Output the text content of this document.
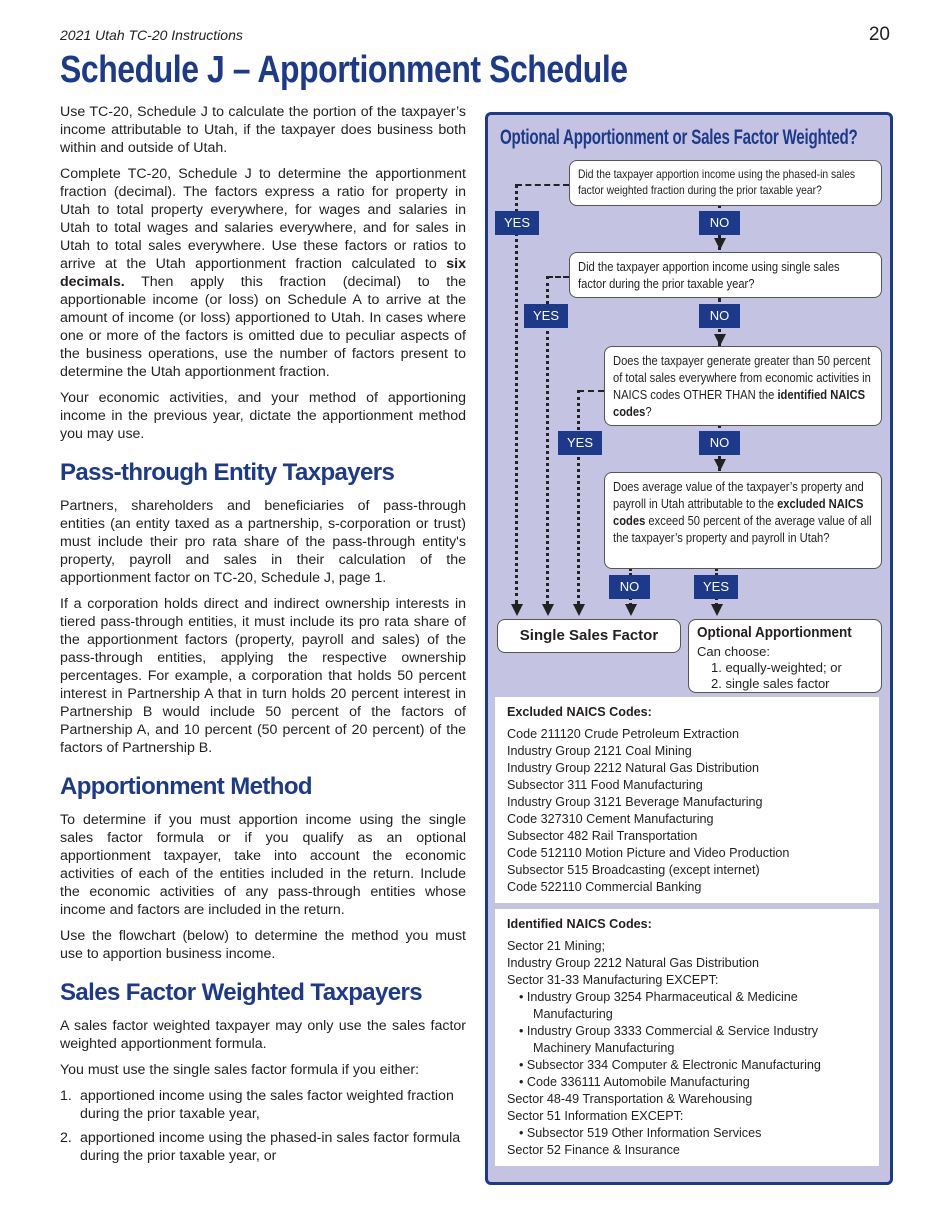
2021 Utah TC-20 Instructions	20
Schedule J – Apportionment Schedule

Use TC-20, Schedule J to calculate the portion of the taxpayer’s income attributable to Utah, if the taxpayer does business both within and outside of Utah.

Complete TC-20, Schedule J to determine the apportionment fraction (decimal). The factors express a ratio for property in Utah to total property everywhere, for wages and salaries in Utah to total wages and salaries everywhere, and for sales in Utah to total sales everywhere. Use these factors or ratios to arrive at the Utah apportionment fraction calculated to six decimals. Then apply this fraction (decimal) to the apportionable income (or loss) on Schedule A to arrive at the amount of income (or loss) apportioned to Utah. In cases where one or more of the factors is omitted due to peculiar aspects of the business operations, use the number of factors present to determine the Utah apportionment fraction.

Your economic activities, and your method of apportioning income in the previous year, dictate the apportionment method you may use.

Pass-through Entity Taxpayers

Partners, shareholders and beneficiaries of pass-through entities (an entity taxed as a partnership, s-corporation or trust) must include their pro rata share of the pass-through entity's property, payroll and sales in their calculation of the apportionment factor on TC-20, Schedule J, page 1.

If a corporation holds direct and indirect ownership interests in tiered pass-through entities, it must include its pro rata share of the apportionment factors (property, payroll and sales) of the pass-through entities, applying the respective ownership percentages. For example, a corporation that holds 50 percent interest in Partnership A that in turn holds 20 percent interest in Partnership B would include 50 percent of the factors of Partnership A, and 10 percent (50 percent of 20 percent) of the factors of Partnership B.

Apportionment Method

To determine if you must apportion income using the single sales factor formula or if you qualify as an optional apportionment taxpayer, take into account the economic activities of each of the entities included in the return. Include the economic activities of any pass-through entities whose income and factors are included in the return.

Use the flowchart (below) to determine the method you must use to apportion business income.

Sales Factor Weighted Taxpayers

A sales factor weighted taxpayer may only use the sales factor weighted apportionment formula.

You must use the single sales factor formula if you either:

1. apportioned income using the sales factor weighted fraction during the prior taxable year,
2. apportioned income using the phased-in sales factor formula during the prior taxable year, or
Optional Apportionment or Sales Factor Weighted?
Did the taxpayer apportion income using the phased-in sales factor weighted fraction during the prior taxable year?
Did the taxpayer apportion income using single sales factor during the prior taxable year?
Does the taxpayer generate greater than 50 percent of total sales everywhere from economic activities in NAICS codes OTHER THAN the identified NAICS codes?
Does average value of the taxpayer’s property and payroll in Utah attributable to the excluded NAICS codes exceed 50 percent of the average value of all the taxpayer’s property and payroll in Utah?
YES	NO
YES	NO
YES	NO
NO	YES
Single Sales Factor	Optional Apportionment
Can choose:
1. equally-weighted; or
2. single sales factor
Excluded NAICS Codes:
Code 211120 Crude Petroleum Extraction
Industry Group 2121 Coal Mining
Industry Group 2212 Natural Gas Distribution
Subsector 311 Food Manufacturing
Industry Group 3121 Beverage Manufacturing
Code 327310 Cement Manufacturing
Subsector 482 Rail Transportation
Code 512110 Motion Picture and Video Production
Subsector 515 Broadcasting (except internet)
Code 522110 Commercial Banking
Identified NAICS Codes:
Sector 21 Mining;
Industry Group 2212 Natural Gas Distribution
Sector 31-33 Manufacturing EXCEPT:
• Industry Group 3254 Pharmaceutical & Medicine
Manufacturing
• Industry Group 3333 Commercial & Service Industry
Machinery Manufacturing
• Subsector 334 Computer & Electronic Manufacturing
• Code 336111 Automobile Manufacturing
Sector 48-49 Transportation & Warehousing
Sector 51 Information EXCEPT:
• Subsector 519 Other Information Services
Sector 52 Finance & Insurance
